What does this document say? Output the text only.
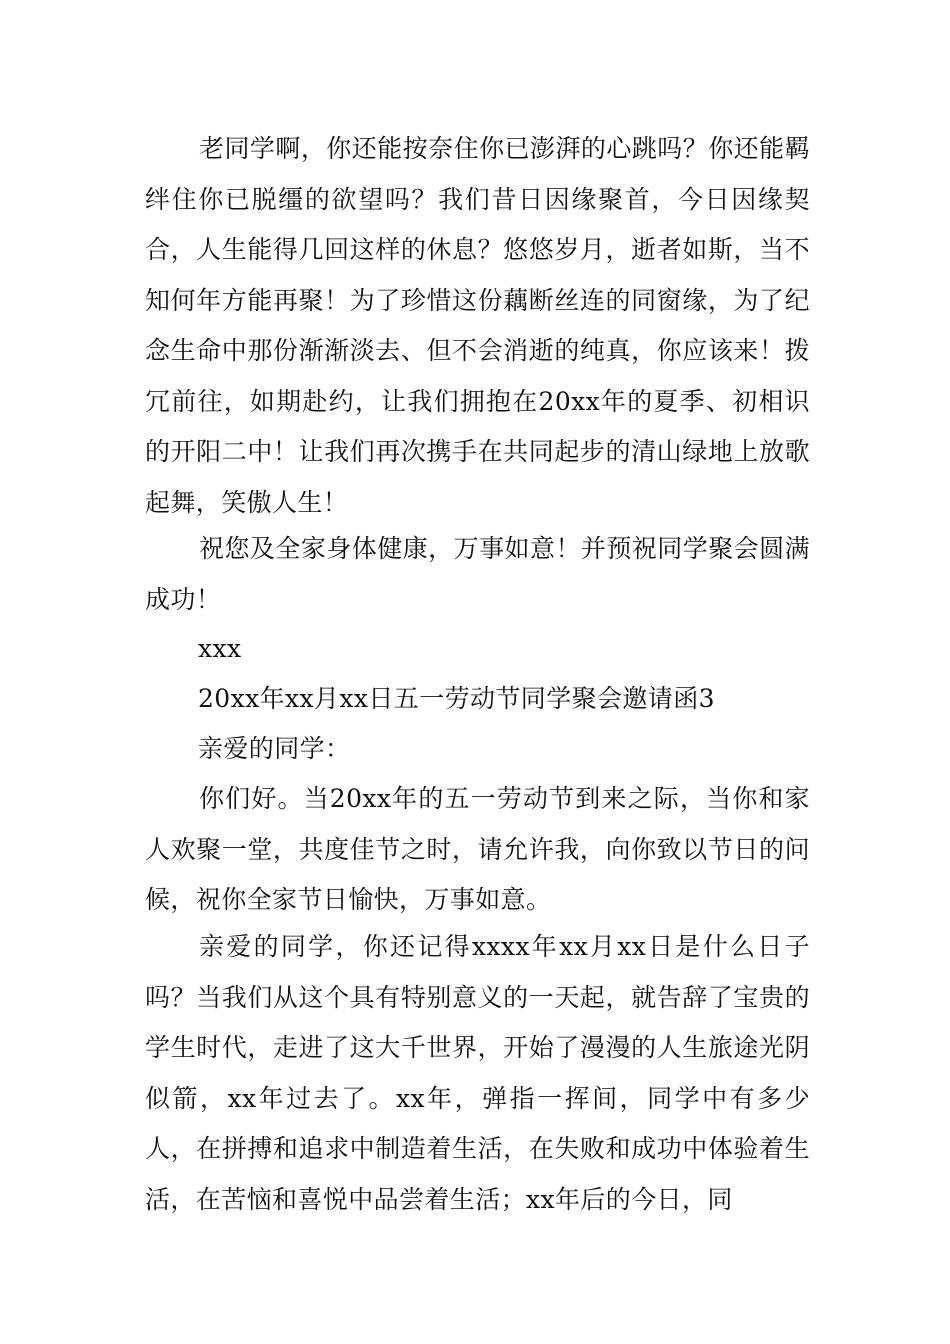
老同学啊，你还能按奈住你已澎湃的心跳吗？你还能羁绊住你已脱缰的欲望吗？我们昔日因缘聚首，今日因缘契合，人生能得几回这样的休息？悠悠岁月，逝者如斯，当不知何年方能再聚！为了珍惜这份藕断丝连的同窗缘，为了纪念生命中那份渐渐淡去、但不会消逝的纯真，你应该来！拨冗前往，如期赴约，让我们拥抱在20xx年的夏季、初相识的开阳二中！让我们再次携手在共同起步的清山绿地上放歌起舞，笑傲人生！

祝您及全家身体健康，万事如意！并预祝同学聚会圆满成功！

xxx

20xx年xx月xx日五一劳动节同学聚会邀请函3

亲爱的同学：

你们好。当20xx年的五一劳动节到来之际，当你和家人欢聚一堂，共度佳节之时，请允许我，向你致以节日的问候，祝你全家节日愉快，万事如意。

亲爱的同学，你还记得xxxx年xx月xx日是什么日子吗？当我们从这个具有特别意义的一天起，就告辞了宝贵的学生时代，走进了这大千世界，开始了漫漫的人生旅途光阴似箭，xx年过去了。xx年，弹指一挥间，同学中有多少人，在拼搏和追求中制造着生活，在失败和成功中体验着生活，在苦恼和喜悦中品尝着生活；xx年后的今日，同
